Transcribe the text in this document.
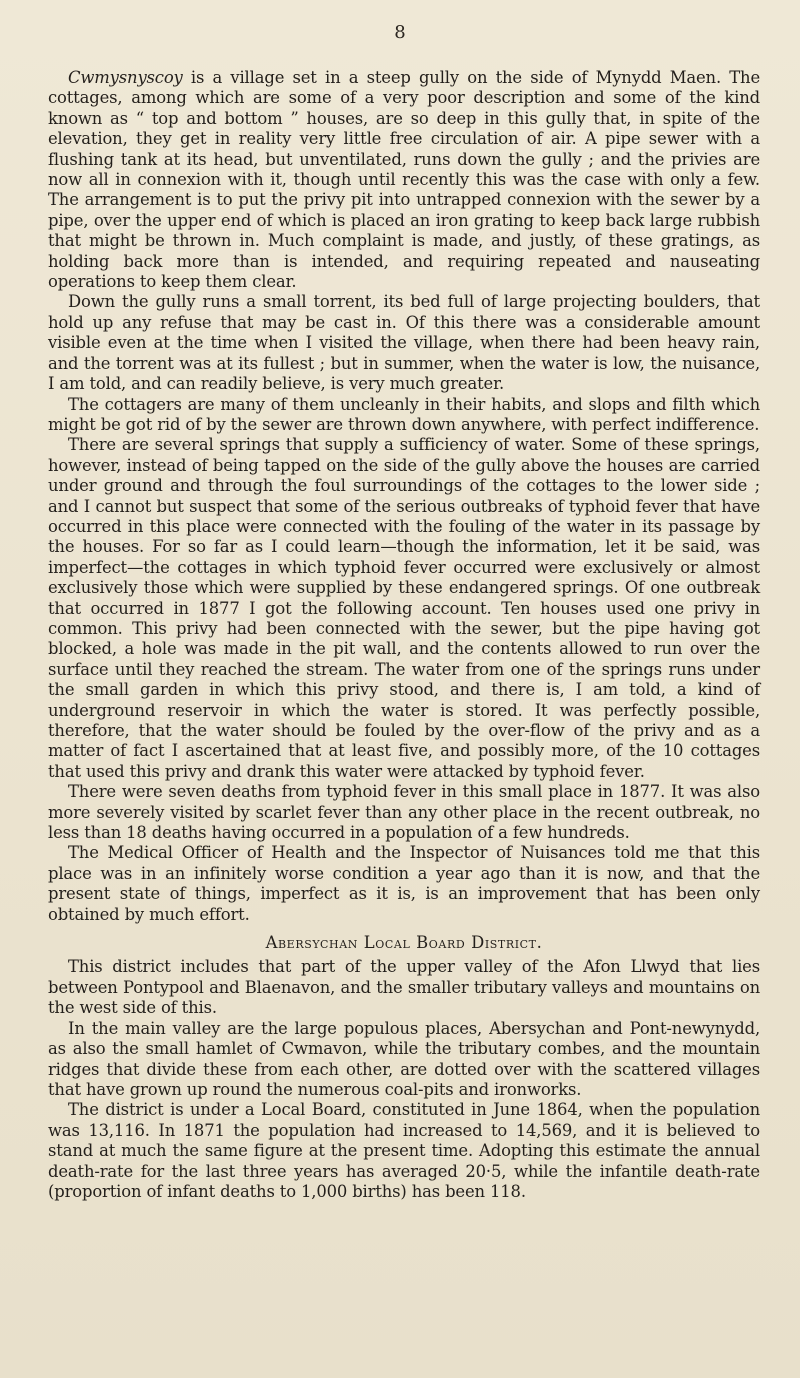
8

Cwmysnyscoy is a village set in a steep gully on the side of Mynydd Maen. The cottages, among which are some of a very poor description and some of the kind known as “ top and bottom ” houses, are so deep in this gully that, in spite of the elevation, they get in reality very little free circulation of air. A pipe sewer with a flushing tank at its head, but unventilated, runs down the gully ; and the privies are now all in connexion with it, though until recently this was the case with only a few. The arrangement is to put the privy pit into untrapped connexion with the sewer by a pipe, over the upper end of which is placed an iron grating to keep back large rubbish that might be thrown in. Much complaint is made, and justly, of these gratings, as holding back more than is intended, and requiring repeated and nauseating operations to keep them clear.

Down the gully runs a small torrent, its bed full of large projecting boulders, that hold up any refuse that may be cast in. Of this there was a considerable amount visible even at the time when I visited the village, when there had been heavy rain, and the torrent was at its fullest ; but in summer, when the water is low, the nuisance, I am told, and can readily believe, is very much greater.

The cottagers are many of them uncleanly in their habits, and slops and filth which might be got rid of by the sewer are thrown down anywhere, with perfect indifference.

There are several springs that supply a sufficiency of water. Some of these springs, however, instead of being tapped on the side of the gully above the houses are carried under ground and through the foul surroundings of the cottages to the lower side ; and I cannot but suspect that some of the serious outbreaks of typhoid fever that have occurred in this place were connected with the fouling of the water in its passage by the houses. For so far as I could learn—though the information, let it be said, was imperfect—the cottages in which typhoid fever occurred were exclusively or almost exclusively those which were supplied by these endangered springs. Of one outbreak that occurred in 1877 I got the following account. Ten houses used one privy in common. This privy had been connected with the sewer, but the pipe having got blocked, a hole was made in the pit wall, and the contents allowed to run over the surface until they reached the stream. The water from one of the springs runs under the small garden in which this privy stood, and there is, I am told, a kind of underground reservoir in which the water is stored. It was perfectly possible, therefore, that the water should be fouled by the over-flow of the privy and as a matter of fact I ascertained that at least five, and possibly more, of the 10 cottages that used this privy and drank this water were attacked by typhoid fever.

There were seven deaths from typhoid fever in this small place in 1877. It was also more severely visited by scarlet fever than any other place in the recent outbreak, no less than 18 deaths having occurred in a population of a few hundreds.

The Medical Officer of Health and the Inspector of Nuisances told me that this place was in an infinitely worse condition a year ago than it is now, and that the present state of things, imperfect as it is, is an improvement that has been only obtained by much effort.

Abersychan Local Board District.

This district includes that part of the upper valley of the Afon Llwyd that lies between Pontypool and Blaenavon, and the smaller tributary valleys and mountains on the west side of this.

In the main valley are the large populous places, Abersychan and Pont-newynydd, as also the small hamlet of Cwmavon, while the tributary combes, and the mountain ridges that divide these from each other, are dotted over with the scattered villages that have grown up round the numerous coal-pits and ironworks.

The district is under a Local Board, constituted in June 1864, when the population was 13,116. In 1871 the population had increased to 14,569, and it is believed to stand at much the same figure at the present time. Adopting this estimate the annual death-rate for the last three years has averaged 20·5, while the infantile death-rate (proportion of infant deaths to 1,000 births) has been 118.
